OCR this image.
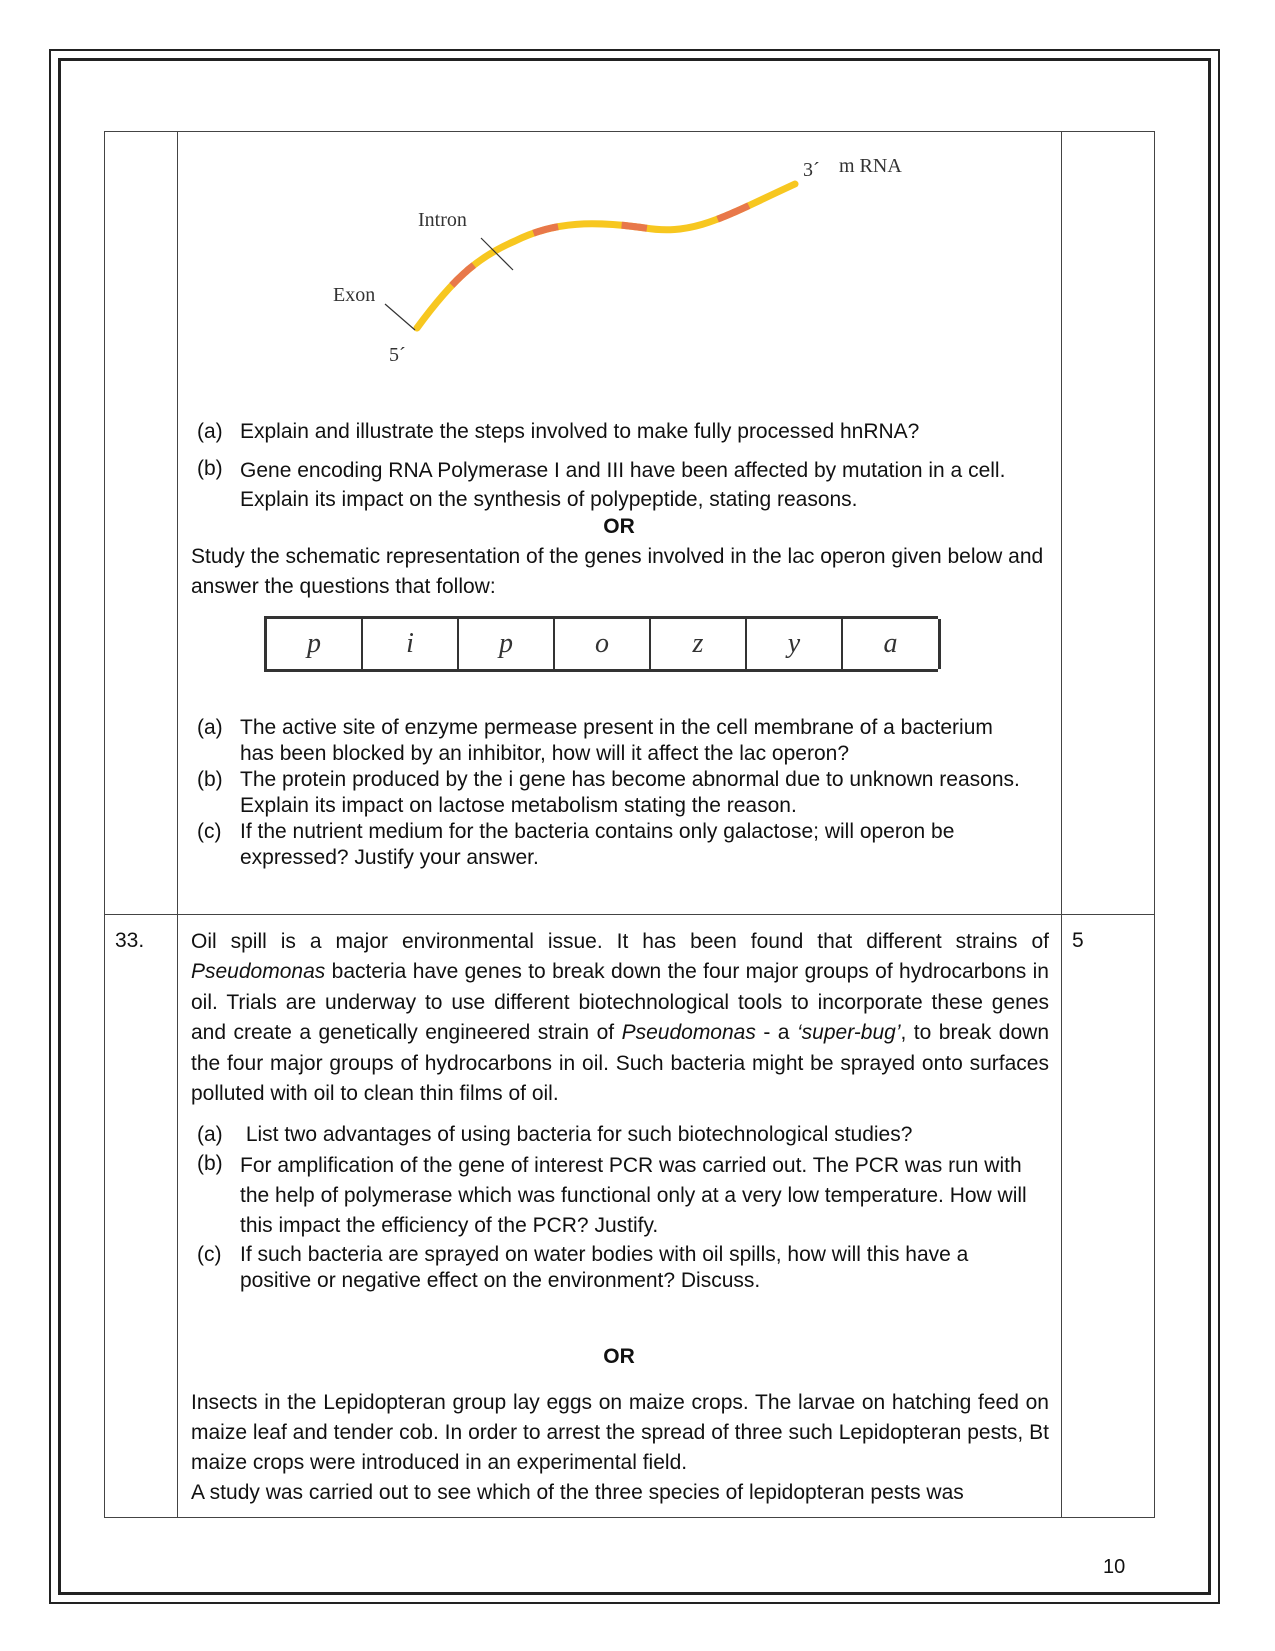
3´ m RNA
Intron
Exon
5´
(a) Explain and illustrate the steps involved to make fully processed hnRNA?
(b) Gene encoding RNA Polymerase I and III have been affected by mutation in a cell. Explain its impact on the synthesis of polypeptide, stating reasons.
OR
Study the schematic representation of the genes involved in the lac operon given below and answer the questions that follow:
p	i	p	o	z	y	a
(a) The active site of enzyme permease present in the cell membrane of a bacterium has been blocked by an inhibitor, how will it affect the lac operon?
(b) The protein produced by the i gene has become abnormal due to unknown reasons. Explain its impact on lactose metabolism stating the reason.
(c) If the nutrient medium for the bacteria contains only galactose; will operon be expressed? Justify your answer.
33.	5
Oil spill is a major environmental issue. It has been found that different strains of Pseudomonas bacteria have genes to break down the four major groups of hydrocarbons in oil. Trials are underway to use different biotechnological tools to incorporate these genes and create a genetically engineered strain of Pseudomonas - a ‘super-bug’, to break down the four major groups of hydrocarbons in oil. Such bacteria might be sprayed onto surfaces polluted with oil to clean thin films of oil.
(a) List two advantages of using bacteria for such biotechnological studies?
(b) For amplification of the gene of interest PCR was carried out. The PCR was run with the help of polymerase which was functional only at a very low temperature. How will this impact the efficiency of the PCR? Justify.
(c) If such bacteria are sprayed on water bodies with oil spills, how will this have a positive or negative effect on the environment? Discuss.
OR
Insects in the Lepidopteran group lay eggs on maize crops. The larvae on hatching feed on maize leaf and tender cob. In order to arrest the spread of three such Lepidopteran pests, Bt maize crops were introduced in an experimental field.
A study was carried out to see which of the three species of lepidopteran pests was
10
